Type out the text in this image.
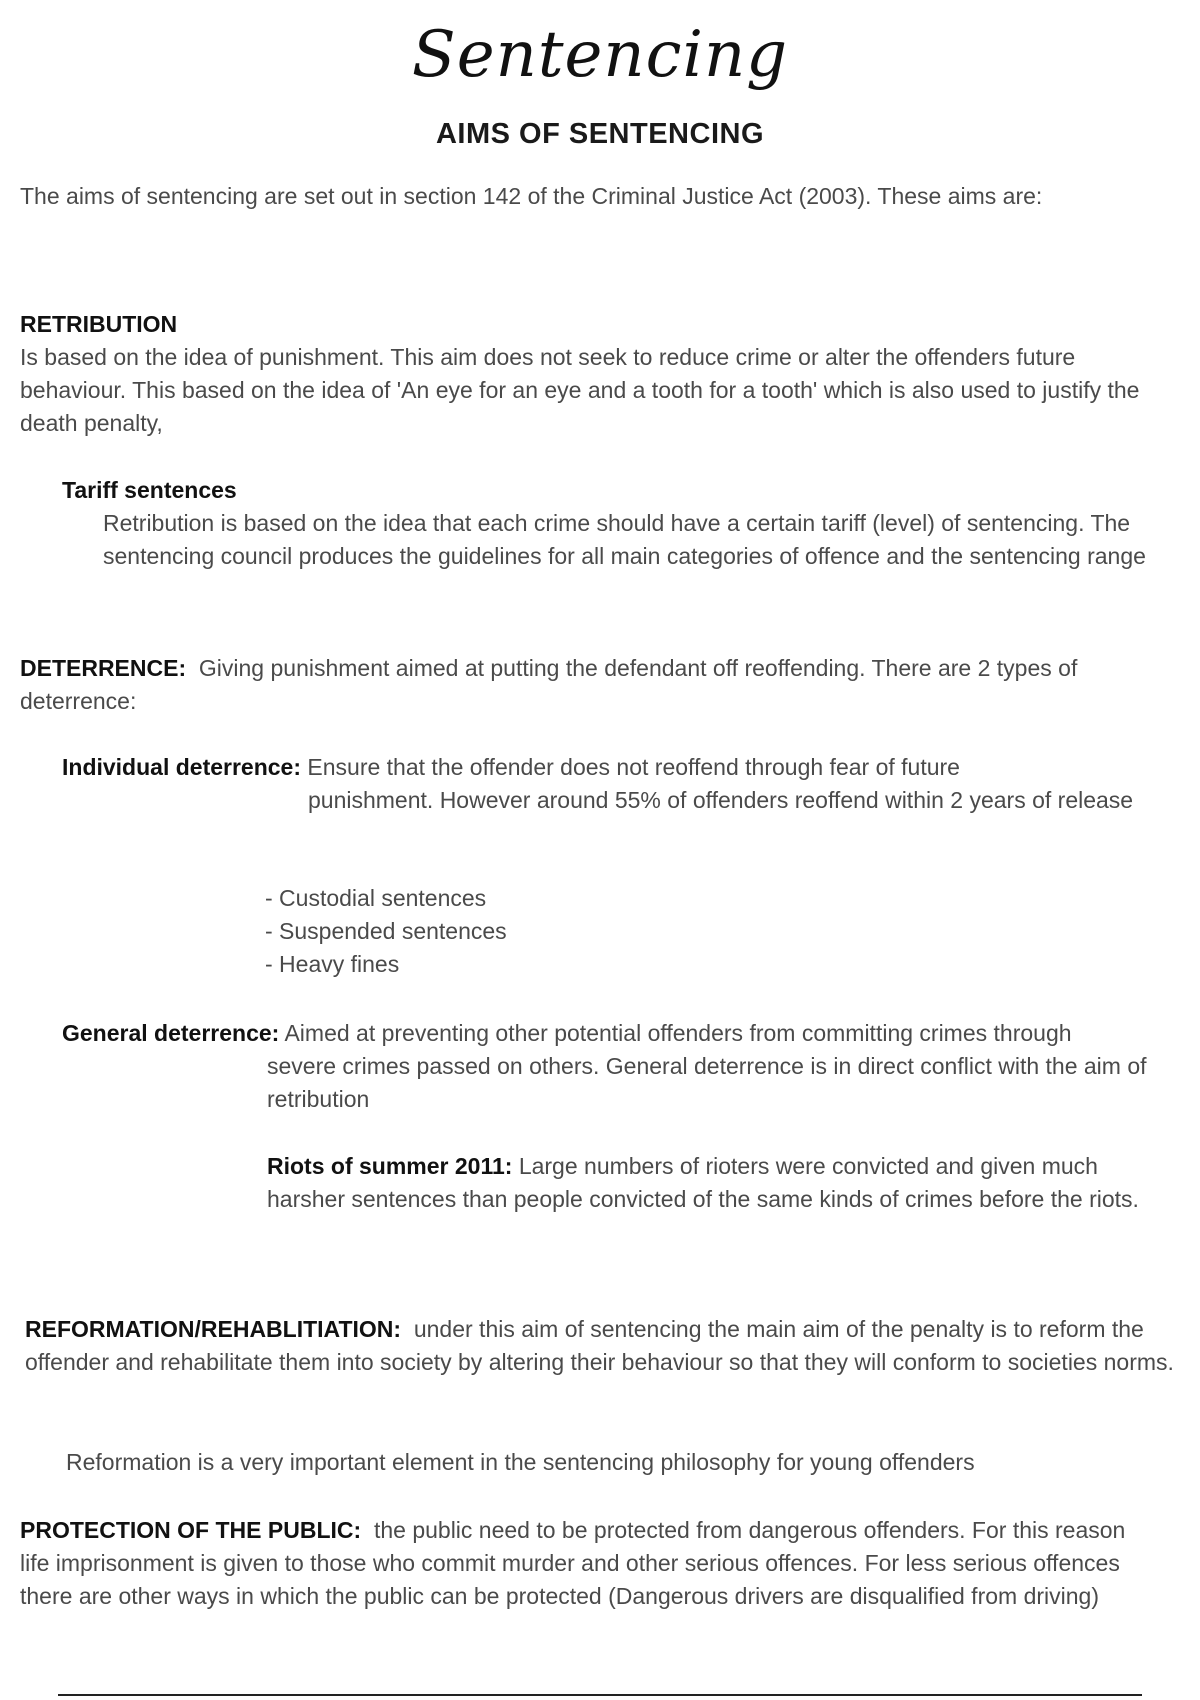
Sentencing
AIMS OF SENTENCING

The aims of sentencing are set out in section 142 of the Criminal Justice Act (2003). These aims are:

RETRIBUTION
Is based on the idea of punishment. This aim does not seek to reduce crime or alter the offenders future behaviour. This based on the idea of 'An eye for an eye and a tooth for a tooth' which is also used to justify the death penalty,

Tariff sentences

Retribution is based on the idea that each crime should have a certain tariff (level) of sentencing. The sentencing council produces the guidelines for all main categories of offence and the sentencing range

DETERRENCE: Giving punishment aimed at putting the defendant off reoffending. There are 2 types of deterrence:

Individual deterrence: Ensure that the offender does not reoffend through fear of future

punishment. However around 55% of offenders reoffend within 2 years of release

- Custodial sentences
- Suspended sentences
- Heavy fines

General deterrence: Aimed at preventing other potential offenders from committing crimes through

severe crimes passed on others. General deterrence is in direct conflict with the aim of retribution

Riots of summer 2011: Large numbers of rioters were convicted and given much harsher sentences than people convicted of the same kinds of crimes before the riots.

REFORMATION/REHABLITIATION: under this aim of sentencing the main aim of the penalty is to reform the offender and rehabilitate them into society by altering their behaviour so that they will conform to societies norms.

Reformation is a very important element in the sentencing philosophy for young offenders

PROTECTION OF THE PUBLIC: the public need to be protected from dangerous offenders. For this reason life imprisonment is given to those who commit murder and other serious offences. For less serious offences there are other ways in which the public can be protected (Dangerous drivers are disqualified from driving)
